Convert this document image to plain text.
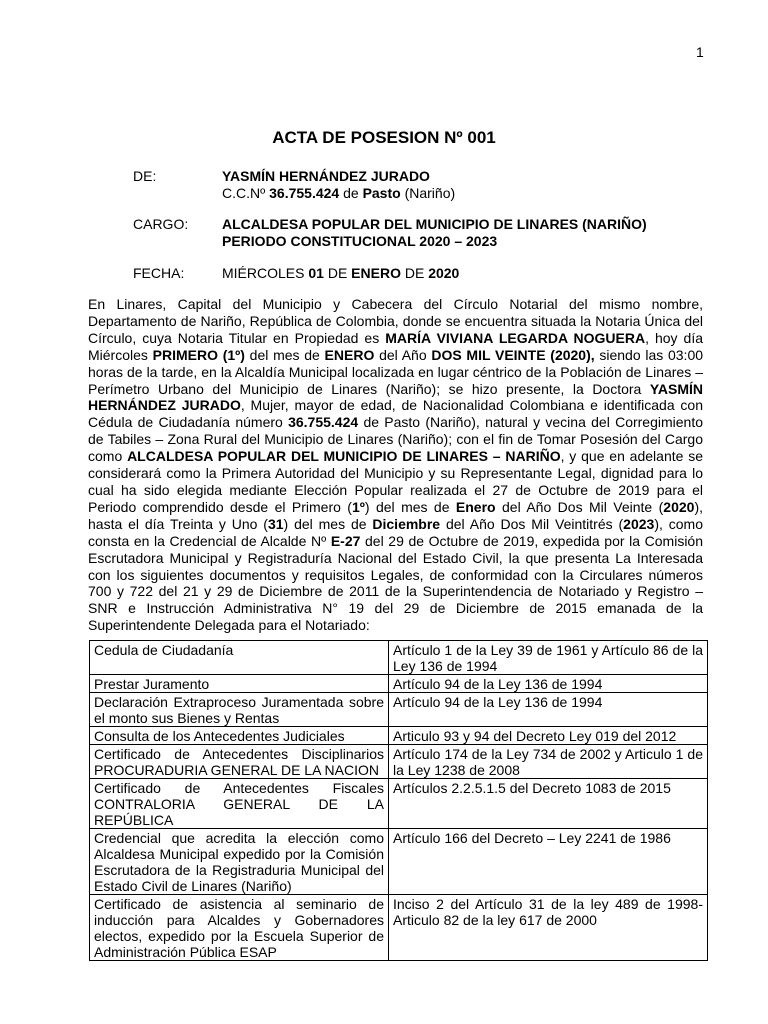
1
ACTA DE POSESION Nº 001
DE:	YASMÍN HERNÁNDEZ JURADO
C.C.Nº 36.755.424 de Pasto (Nariño)
CARGO: ALCALDESA POPULAR DEL MUNICIPIO DE LINARES (NARIÑO)
PERIODO CONSTITUCIONAL 2020 – 2023
FECHA:	MIÉRCOLES 01 DE ENERO DE 2020
En Linares, Capital del Municipio y Cabecera del Círculo Notarial del mismo nombre, Departamento de Nariño, República de Colombia, donde se encuentra situada la Notaria Única del Círculo, cuya Notaria Titular en Propiedad es MARÍA VIVIANA LEGARDA NOGUERA, hoy día Miércoles PRIMERO (1º) del mes de ENERO del Año DOS MIL VEINTE (2020), siendo las 03:00 horas de la tarde, en la Alcaldía Municipal localizada en lugar céntrico de la Población de Linares – Perímetro Urbano del Municipio de Linares (Nariño); se hizo presente, la Doctora YASMÍN HERNÁNDEZ JURADO, Mujer, mayor de edad, de Nacionalidad Colombiana e identificada con Cédula de Ciudadanía número 36.755.424 de Pasto (Nariño), natural y vecina del Corregimiento de Tabiles – Zona Rural del Municipio de Linares (Nariño); con el fin de Tomar Posesión del Cargo como ALCALDESA POPULAR DEL MUNICIPIO DE LINARES – NARIÑO, y que en adelante se considerará como la Primera Autoridad del Municipio y su Representante Legal, dignidad para lo cual ha sido elegida mediante Elección Popular realizada el 27 de Octubre de 2019 para el Periodo comprendido desde el Primero (1º) del mes de Enero del Año Dos Mil Veinte (2020), hasta el día Treinta y Uno (31) del mes de Diciembre del Año Dos Mil Veintitrés (2023), como consta en la Credencial de Alcalde Nº E-27 del 29 de Octubre de 2019, expedida por la Comisión Escrutadora Municipal y Registraduría Nacional del Estado Civil, la que presenta La Interesada con los siguientes documentos y requisitos Legales, de conformidad con la Circulares números 700 y 722 del 21 y 29 de Diciembre de 2011 de la Superintendencia de Notariado y Registro – SNR e Instrucción Administrativa N° 19 del 29 de Diciembre de 2015 emanada de la Superintendente Delegada para el Notariado:
Cedula de Ciudadanía	Artículo 1 de la Ley 39 de 1961 y Artículo 86 de la Ley 136 de 1994
Prestar Juramento	Artículo 94 de la Ley 136 de 1994
Declaración Extraproceso Juramentada sobre el monto sus Bienes y Rentas	Artículo 94 de la Ley 136 de 1994
Consulta de los Antecedentes Judiciales	Articulo 93 y 94 del Decreto Ley 019 del 2012
Certificado de Antecedentes Disciplinarios PROCURADURIA GENERAL DE LA NACION	Artículo 174 de la Ley 734 de 2002 y Articulo 1 de la Ley 1238 de 2008
Certificado de Antecedentes Fiscales CONTRALORIA GENERAL DE LA REPÚBLICA	Artículos 2.2.5.1.5 del Decreto 1083 de 2015
Credencial que acredita la elección como Alcaldesa Municipal expedido por la Comisión Escrutadora de la Registraduria Municipal del Estado Civil de Linares (Nariño)	Artículo 166 del Decreto – Ley 2241 de 1986
Certificado de asistencia al seminario de inducción para Alcaldes y Gobernadores electos, expedido por la Escuela Superior de Administración Pública ESAP	Inciso 2 del Artículo 31 de la ley 489 de 1998- Articulo 82 de la ley 617 de 2000
